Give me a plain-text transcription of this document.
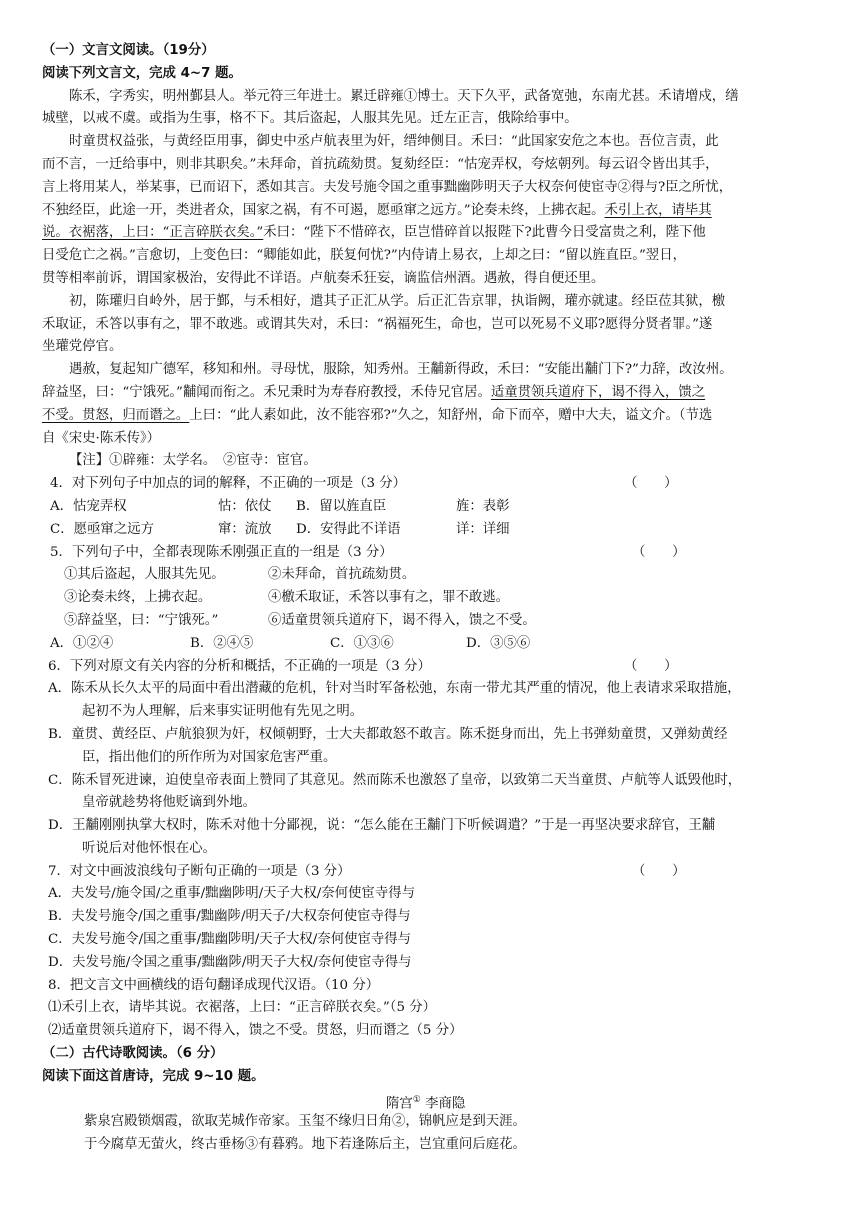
（一）文言文阅读。（19分）
阅读下列文言文，完成 4~7 题。
陈禾，字秀实，明州鄞县人。举元符三年进士。累迁辟雍①博士。天下久平，武备宽弛，东南尤甚。禾请增戍，缮
城壁，以戒不虞。或指为生事，格不下。其后盗起，人服其先见。迁左正言，俄除给事中。
时童贯权益张，与黄经臣用事，御史中丞卢航表里为奸，缙绅侧目。禾曰：“此国家安危之本也。吾位言责，此
而不言，一迁给事中，则非其职矣。”未拜命，首抗疏劾贯。复劾经臣：“怙宠弄权，夸炫朝列。每云诏令皆出其手，
言上将用某人，举某事，已而诏下，悉如其言。夫发号施令国之重事黜幽陟明天子大权奈何使宦寺②得与?臣之所忧，
不独经臣，此途一开，类进者众，国家之祸，有不可遏，愿亟窜之远方。”论奏未终，上拂衣起。禾引上衣，请毕其
说。衣裾落，上曰：“正言碎朕衣矣。”禾曰：“陛下不惜碎衣，臣岂惜碎首以报陛下?此曹今日受富贵之利，陛下他
日受危亡之祸。”言愈切，上变色曰：“卿能如此，朕复何忧?”内侍请上易衣，上却之曰：“留以旌直臣。”翌日，
贯等相率前诉，谓国家极治，安得此不详语。卢航奏禾狂妄，谪监信州酒。遇赦，得自便还里。
初，陈瓘归自岭外，居于鄞，与禾相好，遣其子正汇从学。后正汇告京罪，执诣阙，瓘亦就逮。经臣莅其狱，檄
禾取证，禾答以事有之，罪不敢逃。或谓其失对，禾曰：“祸福死生，命也，岂可以死易不义耶?愿得分贤者罪。”遂
坐瓘党停官。
遇赦，复起知广德军，移知和州。寻母忧，服除，知秀州。王黼新得政，禾曰：“安能出黼门下?”力辞，改汝州。
辞益坚，曰：“宁饿死。”黼闻而衔之。禾兄秉时为寿春府教授，禾侍兄官居。适童贯领兵道府下，谒不得入，馈之
不受。贯怒，归而谮之。上曰：“此人素如此，汝不能容邪?”久之，知舒州，命下而卒，赠中大夫，谥文介。（节选
自《宋史·陈禾传》）
【注】①辟雍：太学名。　②宦寺：宦官。
4．对下列句子中加点的词的解释，不正确的一项是（3 分）	（　　）
A．怙宠弄权	怙：依仗 B．留以旌直臣	旌：表彰
C．愿亟窜之远方	窜：流放 D．安得此不详语	详：详细
5．下列句子中，全都表现陈禾刚强正直的一组是（3 分）	（　　）
①其后盗起，人服其先见。	②未拜命，首抗疏劾贯。
③论奏未终，上拂衣起。	④檄禾取证，禾答以事有之，罪不敢逃。
⑤辞益坚，曰：“宁饿死。”	⑥适童贯领兵道府下，谒不得入，馈之不受。
A．①②④	B．②④⑤	C．①③⑥	D．③⑤⑥
6．下列对原文有关内容的分析和概括，不正确的一项是（3 分）	（　　）
A．陈禾从长久太平的局面中看出潜藏的危机，针对当时军备松弛，东南一带尤其严重的情况，他上表请求采取措施，
起初不为人理解，后来事实证明他有先见之明。
B．童贯、黄经臣、卢航狼狈为奸，权倾朝野，士大夫都敢怒不敢言。陈禾挺身而出，先上书弹劾童贯，又弹劾黄经
臣，指出他们的所作所为对国家危害严重。
C．陈禾冒死进谏，迫使皇帝表面上赞同了其意见。然而陈禾也激怒了皇帝，以致第二天当童贯、卢航等人诋毁他时，
皇帝就趁势将他贬谪到外地。
D．王黼刚刚执掌大权时，陈禾对他十分鄙视，说：“怎么能在王黼门下听候调遣？”于是一再坚决要求辞官，王黼
听说后对他怀恨在心。
7．对文中画波浪线句子断句正确的一项是（3 分）	（　　）
A．夫发号/施令国/之重事/黜幽陟明/天子大权/奈何使宦寺得与
B．夫发号施令/国之重事/黜幽陟/明天子/大权奈何使宦寺得与
C．夫发号施令/国之重事/黜幽陟明/天子大权/奈何使宦寺得与
D．夫发号施/令国之重事/黜幽陟/明天子大权/奈何使宦寺得与
8．把文言文中画横线的语句翻译成现代汉语。（10 分）
⑴禾引上衣，请毕其说。衣裾落，上曰：“正言碎朕衣矣。”（5 分）
⑵适童贯领兵道府下，谒不得入，馈之不受。贯怒，归而谮之（5 分）
（二）古代诗歌阅读。（6 分）
阅读下面这首唐诗，完成 9~10 题。
隋宫① 李商隐
紫泉宫殿锁烟霞，欲取芜城作帝家。玉玺不缘归日角②，锦帆应是到天涯。
于今腐草无萤火，终古垂杨③有暮鸦。地下若逢陈后主，岂宜重问后庭花。
